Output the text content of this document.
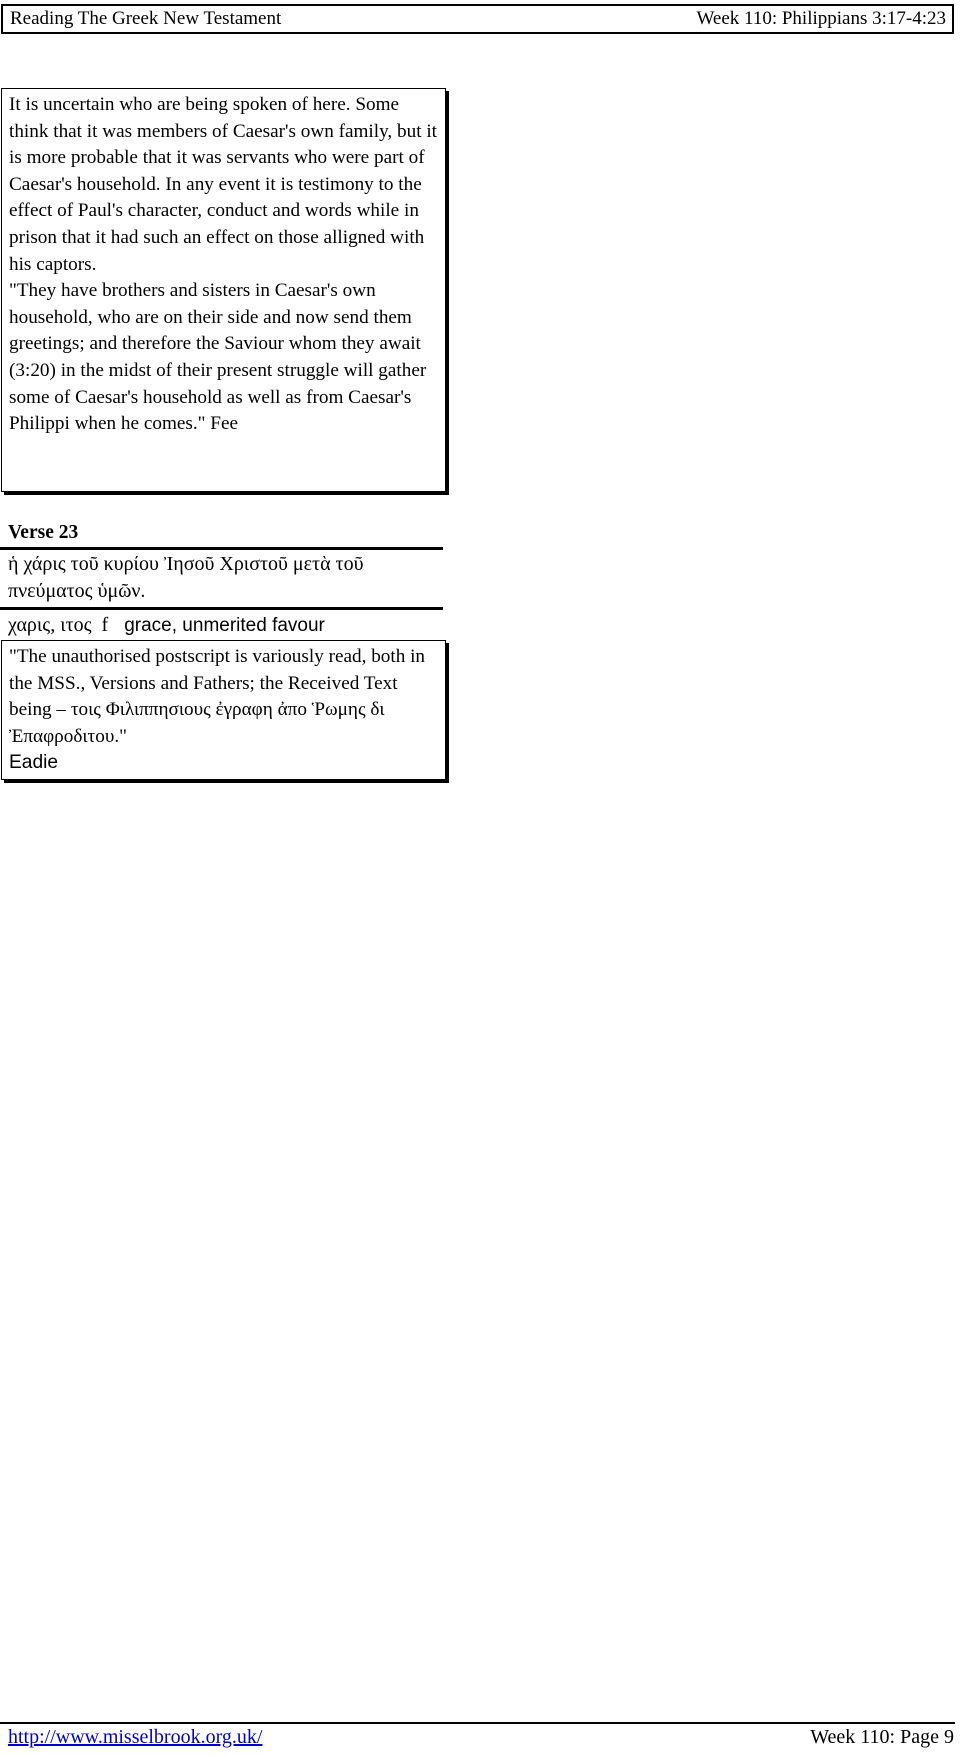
Reading The Greek New Testament	Week 110: Philippians 3:17-4:23

It is uncertain who are being spoken of here. Some think that it was members of Caesar's own family, but it is more probable that it was servants who were part of Caesar's household. In any event it is testimony to the effect of Paul's character, conduct and words while in prison that it had such an effect on those alligned with his captors.

"They have brothers and sisters in Caesar's own household, who are on their side and now send them greetings; and therefore the Saviour whom they await (3:20) in the midst of their present struggle will gather some of Caesar's household as well as from Caesar's Philippi when he comes." Fee

Verse 23
ἡ χάρις τοῦ κυρίου Ἰησοῦ Χριστοῦ μετὰ τοῦ πνεύματος ὑμῶν.
χαρις, ιτος f grace, unmerited favour

"The unauthorised postscript is variously read, both in the MSS., Versions and Fathers; the Received Text being – τοις Φιλιππησιους ἐγραφη ἀπο Ῥωμης δι Ἐπαφροδιτου."

Eadie

http://www.misselbrook.org.uk/	Week 110: Page 9
